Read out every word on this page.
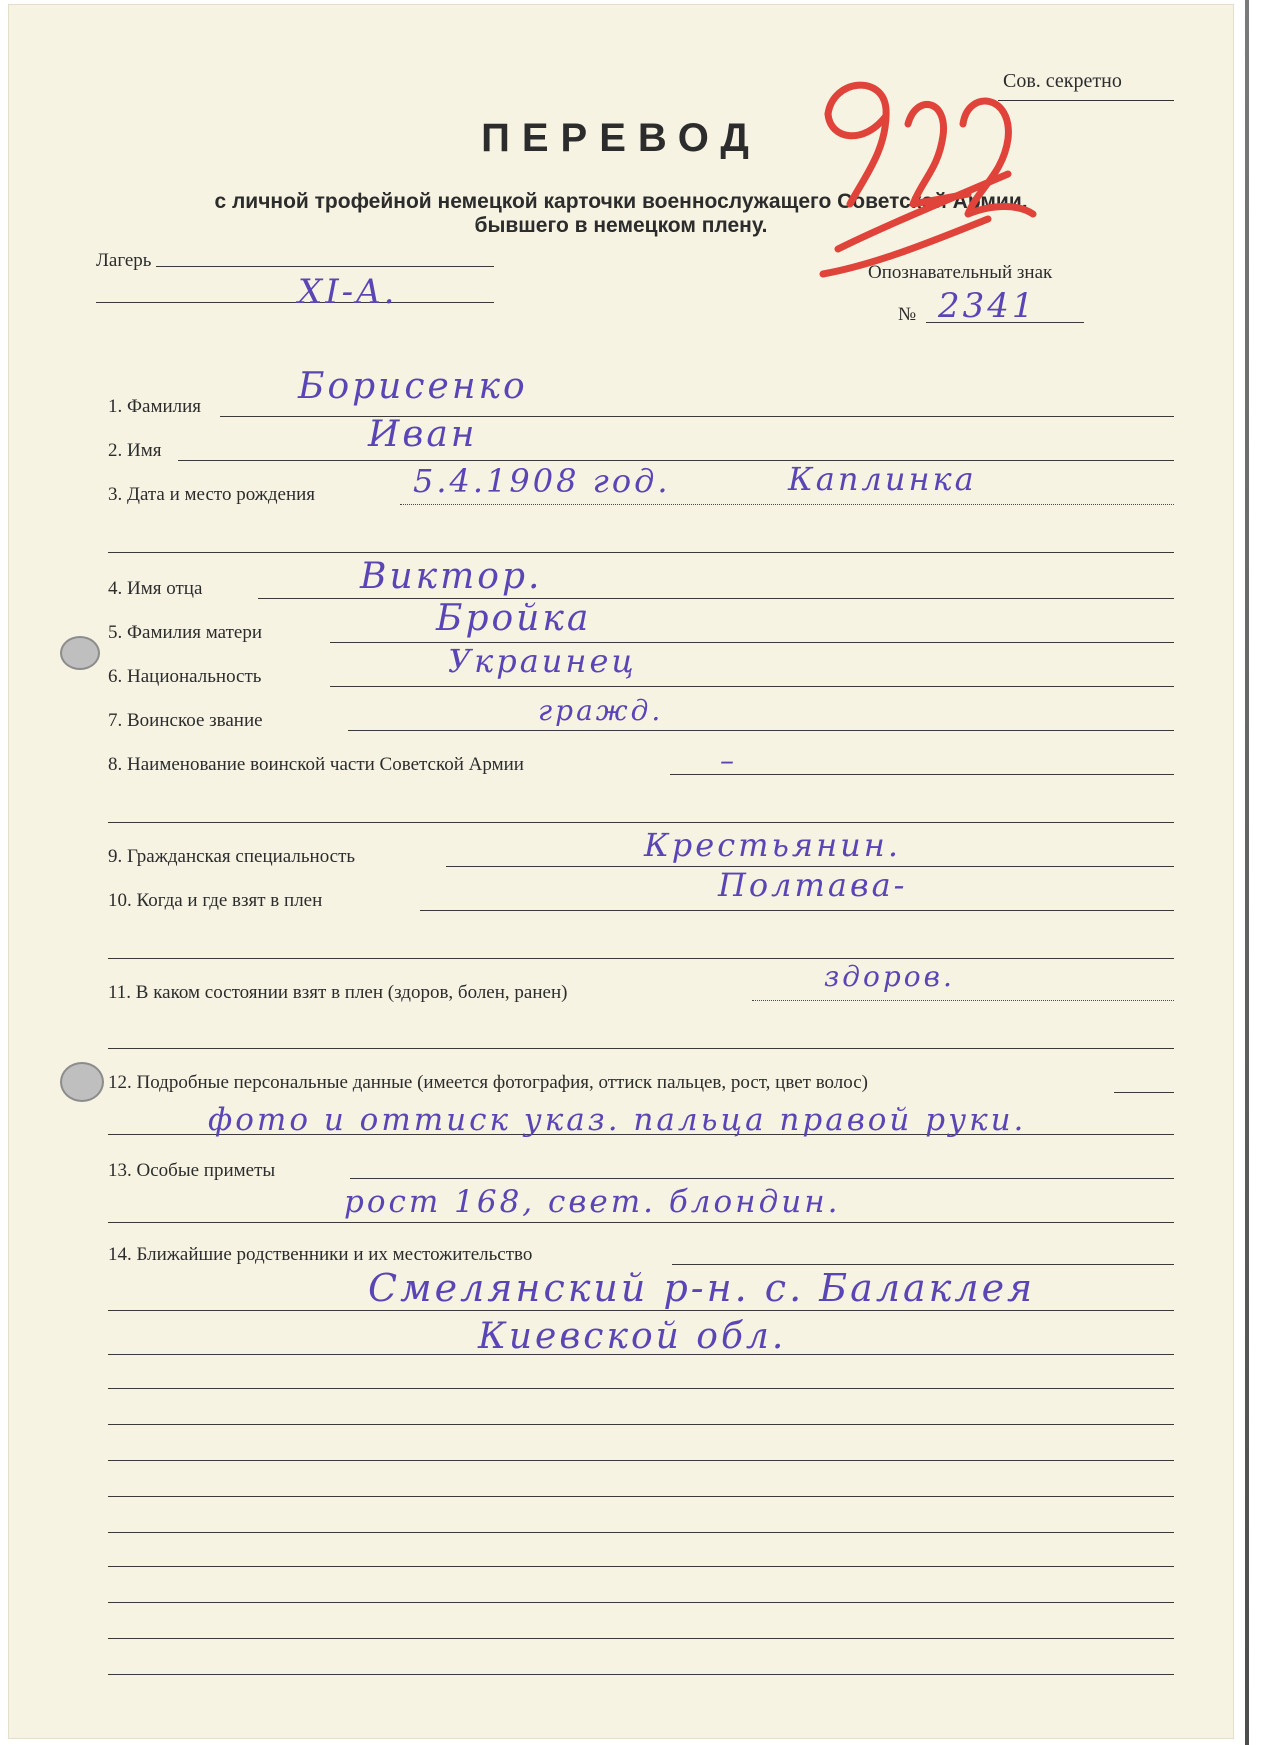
Сов. секретно
ПЕРЕВОД
с личной трофейной немецкой карточки военнослужащего Советской Армии,
бывшего в немецком плену.
Лагерь
XI-A.	Опознавательный знак
№ 2341
1. Фамилия	Борисенко
2. Имя	Иван
3. Дата и место рождения	5.4.1908 год.	Каплинка
4. Имя отца	Виктор.
5. Фамилия матери	Бройка
6. Национальность	Украинец
7. Воинское звание	гражд.
8. Наименование воинской части Советской Армии	–
9. Гражданская специальность	Крестьянин.
10. Когда и где взят в плен	Полтава-
11. В каком состоянии взят в плен (здоров, болен, ранен)	здоров.
12. Подробные персональные данные (имеется фотография, оттиск пальцев, рост, цвет волос)
фото и оттиск указ. пальца правой руки.
13. Особые приметы
рост 168, свет. блондин.
14. Ближайшие родственники и их местожительство
Смелянский р-н. с. Балаклея
Киевской обл.
